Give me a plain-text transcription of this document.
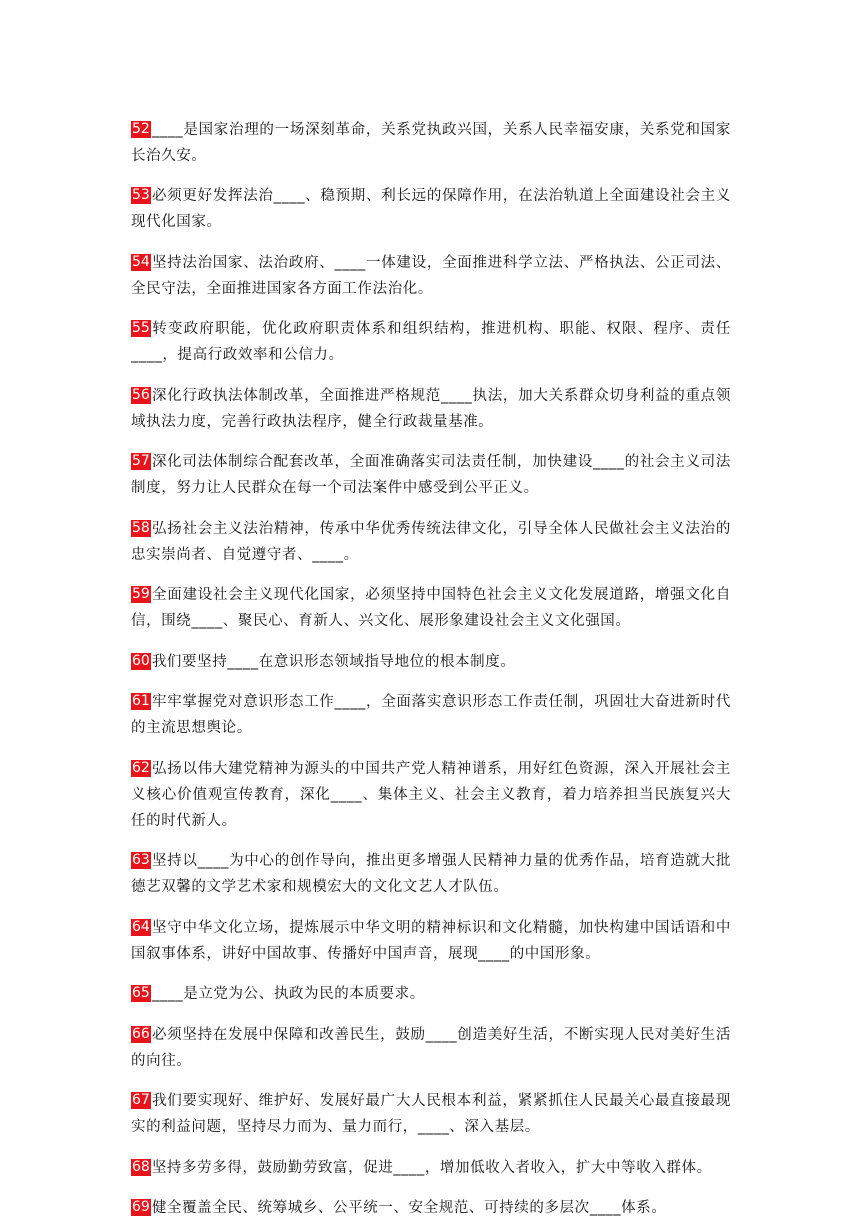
52 ____是国家治理的一场深刻革命，关系党执政兴国，关系人民幸福安康，关系党和国家长治久安。

53 必须更好发挥法治____、稳预期、利长远的保障作用，在法治轨道上全面建设社会主义现代化国家。

54 坚持法治国家、法治政府、____一体建设，全面推进科学立法、严格执法、公正司法、全民守法，全面推进国家各方面工作法治化。

55 转变政府职能，优化政府职责体系和组织结构，推进机构、职能、权限、程序、责任____，提高行政效率和公信力。

56 深化行政执法体制改革，全面推进严格规范____执法，加大关系群众切身利益的重点领域执法力度，完善行政执法程序，健全行政裁量基准。

57 深化司法体制综合配套改革，全面准确落实司法责任制，加快建设____的社会主义司法制度，努力让人民群众在每一个司法案件中感受到公平正义。

58 弘扬社会主义法治精神，传承中华优秀传统法律文化，引导全体人民做社会主义法治的忠实崇尚者、自觉遵守者、____。

59 全面建设社会主义现代化国家，必须坚持中国特色社会主义文化发展道路，增强文化自信，围绕____、聚民心、育新人、兴文化、展形象建设社会主义文化强国。

60 我们要坚持____在意识形态领域指导地位的根本制度。

61 牢牢掌握党对意识形态工作____，全面落实意识形态工作责任制，巩固壮大奋进新时代的主流思想舆论。

62 弘扬以伟大建党精神为源头的中国共产党人精神谱系，用好红色资源，深入开展社会主义核心价值观宣传教育，深化____、集体主义、社会主义教育，着力培养担当民族复兴大任的时代新人。

63 坚持以____为中心的创作导向，推出更多增强人民精神力量的优秀作品，培育造就大批德艺双馨的文学艺术家和规模宏大的文化文艺人才队伍。

64 坚守中华文化立场，提炼展示中华文明的精神标识和文化精髓，加快构建中国话语和中国叙事体系，讲好中国故事、传播好中国声音，展现____的中国形象。

65 ____是立党为公、执政为民的本质要求。

66 必须坚持在发展中保障和改善民生，鼓励____创造美好生活，不断实现人民对美好生活的向往。

67 我们要实现好、维护好、发展好最广大人民根本利益，紧紧抓住人民最关心最直接最现实的利益问题，坚持尽力而为、量力而行，____、深入基层。

68 坚持多劳多得，鼓励勤劳致富，促进____，增加低收入者收入，扩大中等收入群体。

69 健全覆盖全民、统筹城乡、公平统一、安全规范、可持续的多层次____体系。
